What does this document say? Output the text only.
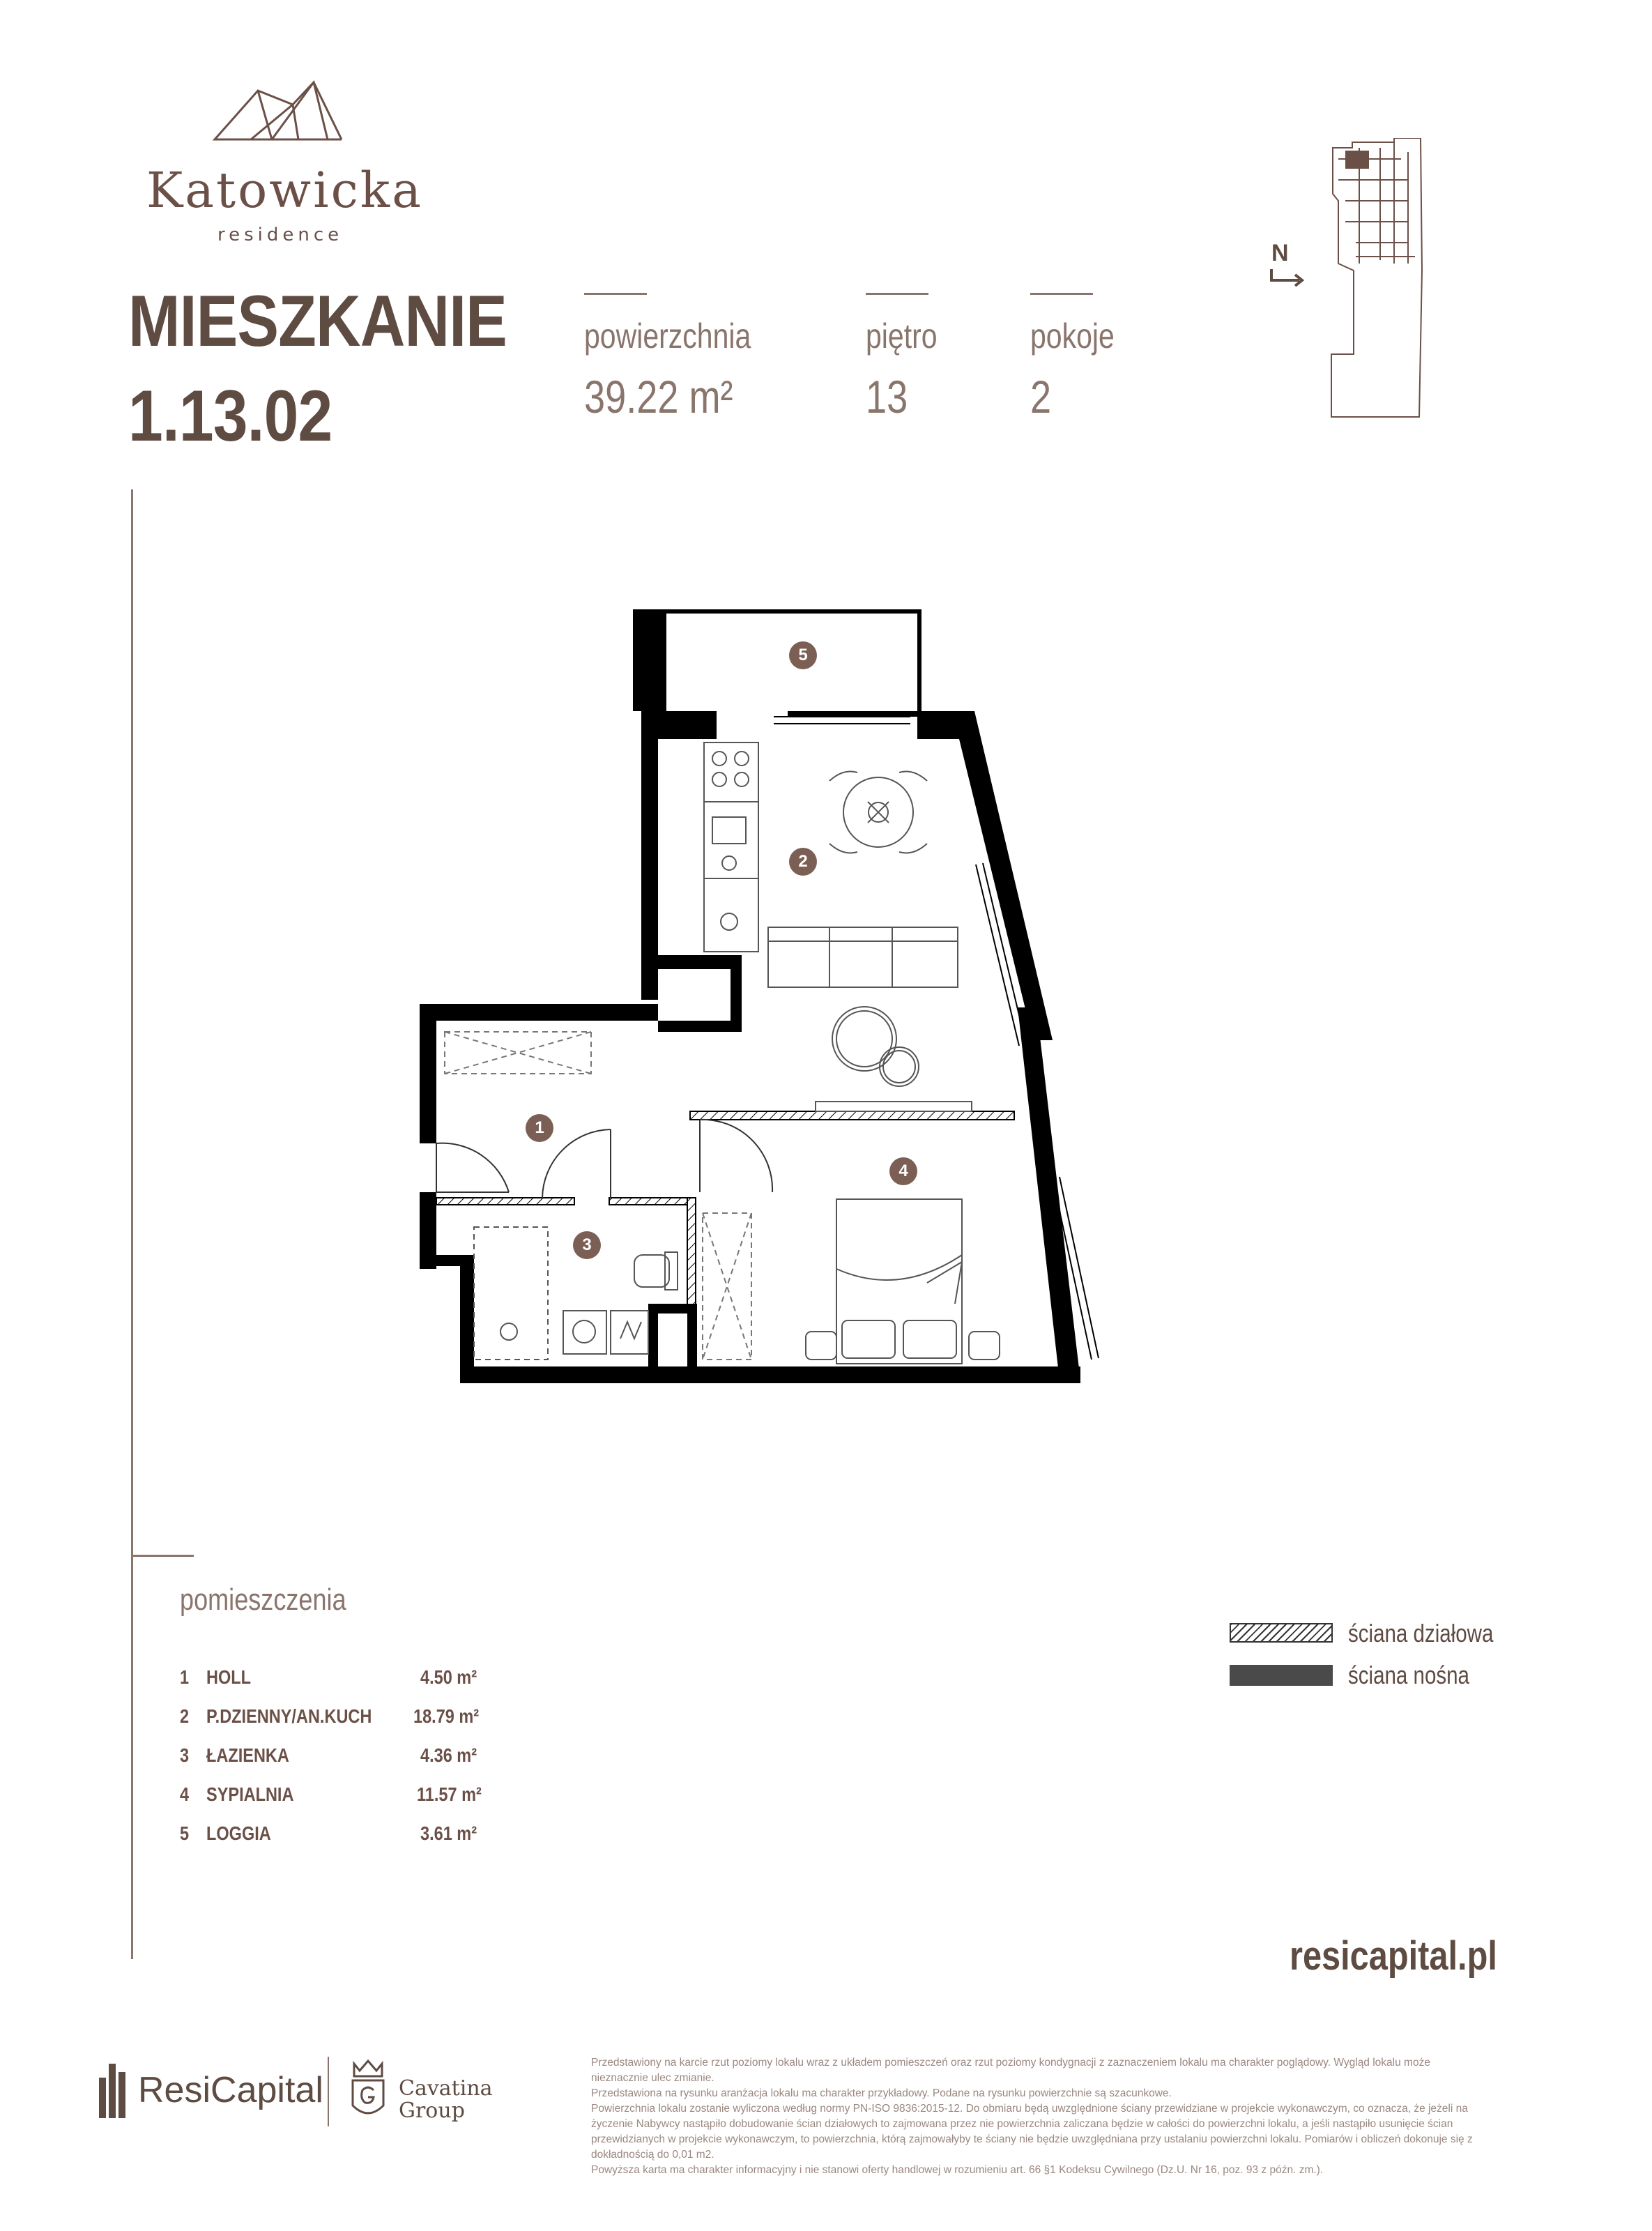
Katowicka
residence
MIESZKANIE
1.13.02
powierzchnia
39.22 m²
piętro
13
pokoje
2
N
5
2
1
4
3
pomieszczenia
1 HOLL	4.50 m²
2 P.DZIENNY/AN.KUCH 18.79 m²
3 ŁAZIENKA	4.36 m²
4 SYPIALNIA	11.57 m²
5 LOGGIA	3.61 m²
ściana działowa
ściana nośna
resicapital.pl
ResiCapital	Cavatina
Group

Przedstawiony na karcie rzut poziomy lokalu wraz z układem pomieszczeń oraz rzut poziomy kondygnacji z zaznaczeniem lokalu ma charakter poglądowy. Wygląd lokalu może nieznacznie ulec zmianie.

Przedstawiona na rysunku aranżacja lokalu ma charakter przykładowy. Podane na rysunku powierzchnie są szacunkowe.

Powierzchnia lokalu zostanie wyliczona według normy PN-ISO 9836:2015-12. Do obmiaru będą uwzględnione ściany przewidziane w projekcie wykonawczym, co oznacza, że jeżeli na życzenie Nabywcy nastąpiło dobudowanie ścian działowych to zajmowana przez nie powierzchnia zaliczana będzie w całości do powierzchni lokalu, a jeśli nastąpiło usunięcie ścian przewidzianych w projekcie wykonawczym, to powierzchnia, którą zajmowałyby te ściany nie będzie uwzględniana przy ustalaniu powierzchni lokalu. Pomiarów i obliczeń dokonuje się z dokładnością do 0,01 m2.

Powyższa karta ma charakter informacyjny i nie stanowi oferty handlowej w rozumieniu art. 66 §1 Kodeksu Cywilnego (Dz.U. Nr 16, poz. 93 z późn. zm.).
